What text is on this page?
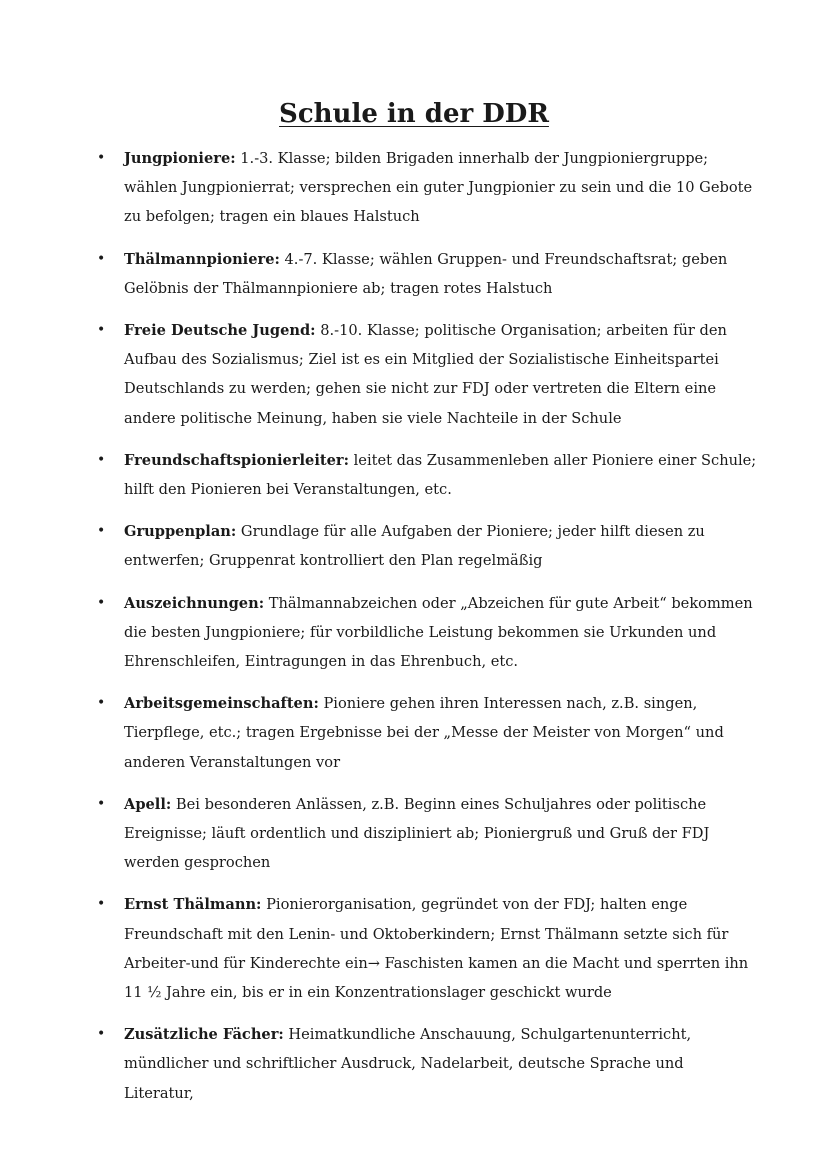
Schule in der DDR
• Jungpioniere: 1.-3. Klasse; bilden Brigaden innerhalb der Jungpioniergruppe; wählen Jungpionierrat; versprechen ein guter Jungpionier zu sein und die 10 Gebote zu befolgen; tragen ein blaues Halstuch
• Thälmannpioniere: 4.-7. Klasse; wählen Gruppen- und Freundschaftsrat; geben Gelöbnis der Thälmannpioniere ab; tragen rotes Halstuch
• Freie Deutsche Jugend: 8.-10. Klasse; politische Organisation; arbeiten für den Aufbau des Sozialismus; Ziel ist es ein Mitglied der Sozialistische Einheitspartei Deutschlands zu werden; gehen sie nicht zur FDJ oder vertreten die Eltern eine andere politische Meinung, haben sie viele Nachteile in der Schule
• Freundschaftspionierleiter: leitet das Zusammenleben aller Pioniere einer Schule; hilft den Pionieren bei Veranstaltungen, etc.
• Gruppenplan: Grundlage für alle Aufgaben der Pioniere; jeder hilft diesen zu entwerfen; Gruppenrat kontrolliert den Plan regelmäßig
• Auszeichnungen: Thälmannabzeichen oder „Abzeichen für gute Arbeit“ bekommen die besten Jungpioniere; für vorbildliche Leistung bekommen sie Urkunden und Ehrenschleifen, Eintragungen in das Ehrenbuch, etc.
• Arbeitsgemeinschaften: Pioniere gehen ihren Interessen nach, z.B. singen, Tierpflege, etc.; tragen Ergebnisse bei der „Messe der Meister von Morgen“ und anderen Veranstaltungen vor
• Apell: Bei besonderen Anlässen, z.B. Beginn eines Schuljahres oder politische Ereignisse; läuft ordentlich und diszipliniert ab; Pioniergruß und Gruß der FDJ werden gesprochen
• Ernst Thälmann: Pionierorganisation, gegründet von der FDJ; halten enge Freundschaft mit den Lenin- und Oktoberkindern; Ernst Thälmann setzte sich für Arbeiter-und für Kinderechte ein→ Faschisten kamen an die Macht und sperrten ihn 11 ½ Jahre ein, bis er in ein Konzentrationslager geschickt wurde
• Zusätzliche Fächer: Heimatkundliche Anschauung, Schulgartenunterricht, mündlicher und schriftlicher Ausdruck, Nadelarbeit, deutsche Sprache und Literatur,
